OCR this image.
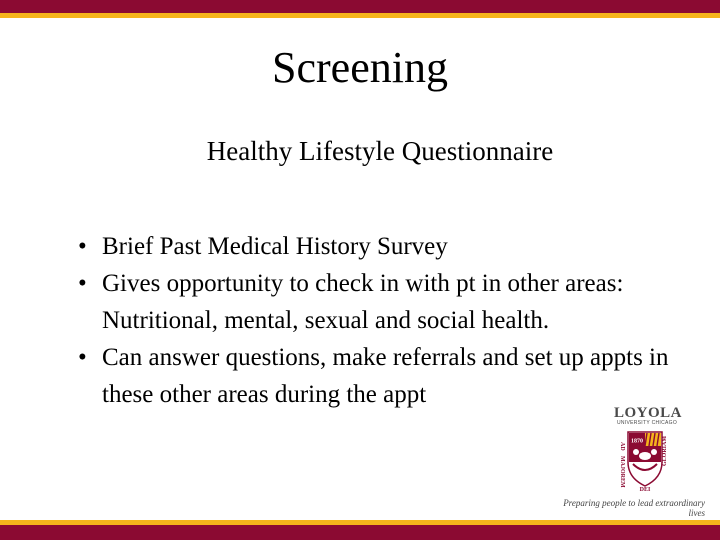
Screening
Healthy Lifestyle Questionnaire
• Brief Past Medical History Survey
• Gives opportunity to check in with pt in other areas: Nutritional, mental, sexual and social health.
• Can answer questions, make referrals and set up appts in these other areas during the appt
LOYOLA
UNIVERSITY CHICAGO
1870
AD
MAJOREM
GLORIAM
DEI
Preparing people to lead extraordinary lives
